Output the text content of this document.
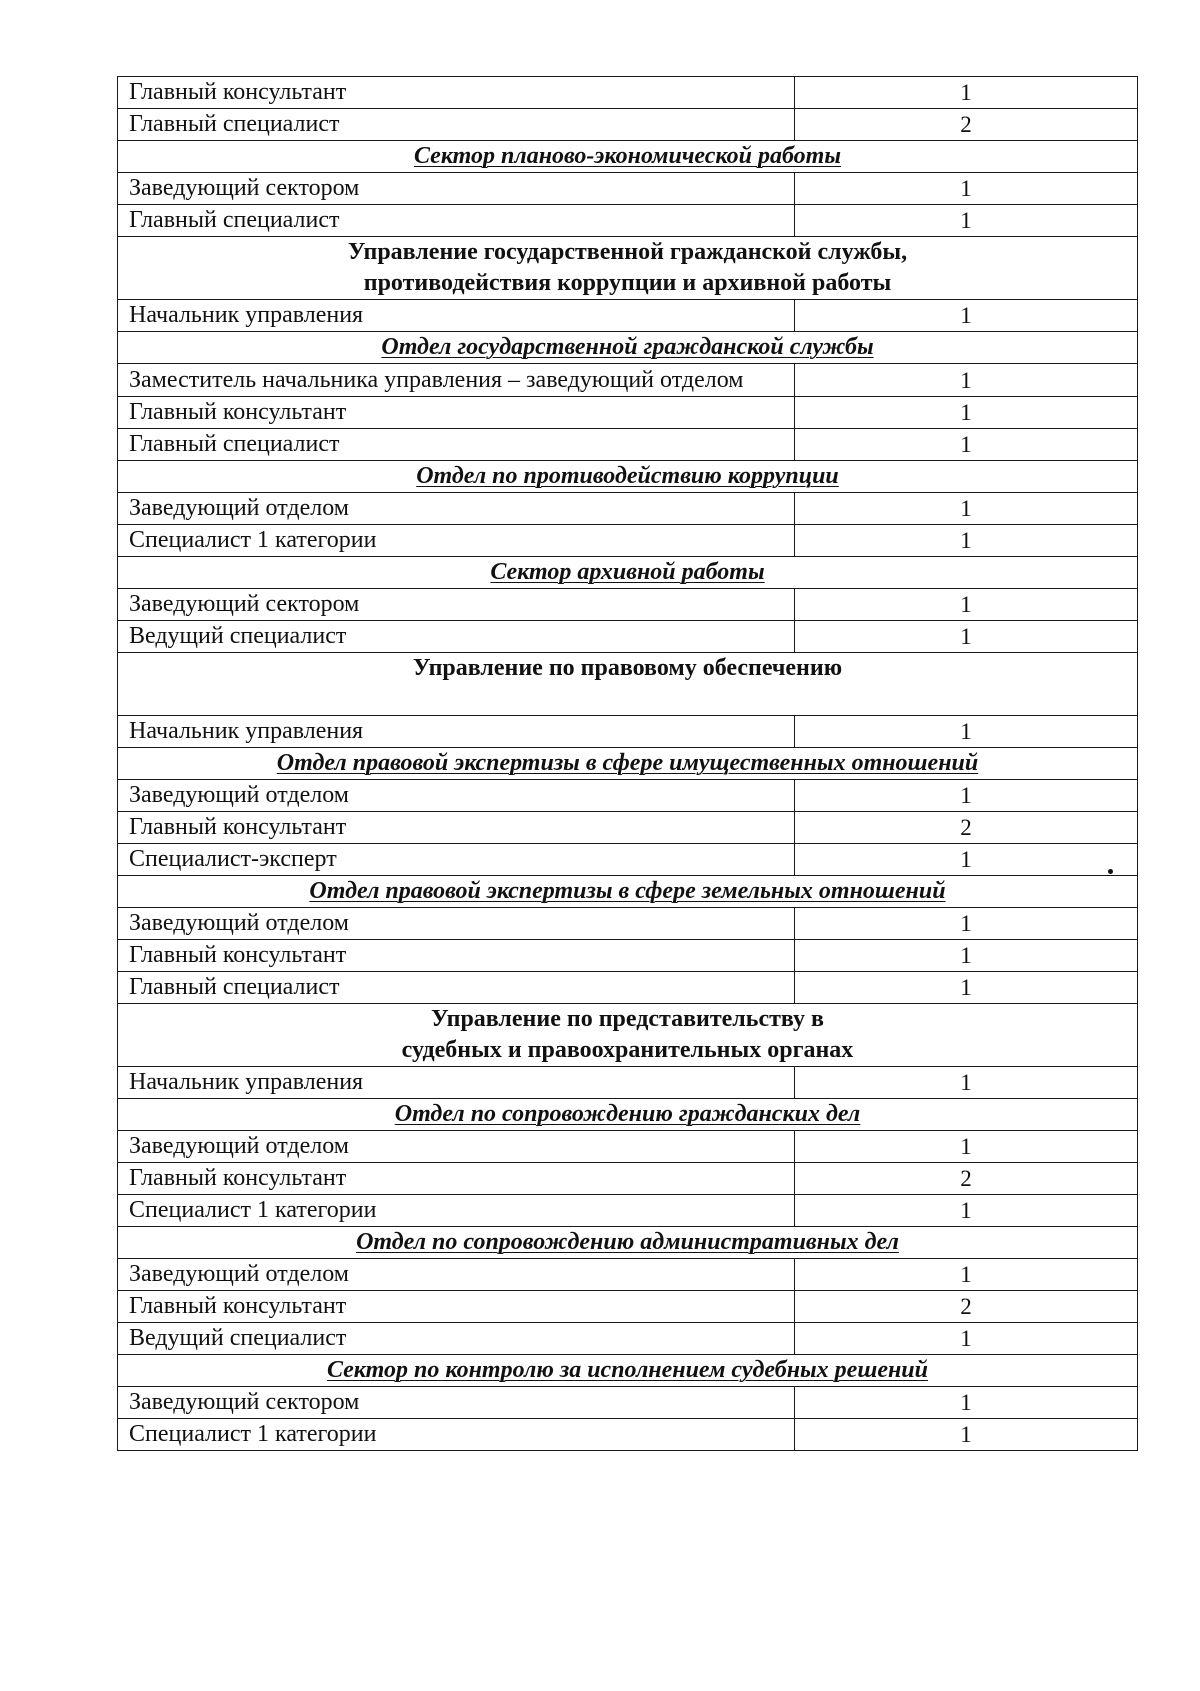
Главный консультант	1
Главный специалист	2
Сектор планово-экономической работы	
Заведующий сектором	1
Главный специалист	1
Управление государственной гражданской службы, противодействия коррупции и архивной работы	
Начальник управления	1
Отдел государственной гражданской службы	
Заместитель начальника управления – заведующий отделом	1
Главный консультант	1
Главный специалист	1
Отдел по противодействию коррупции	
Заведующий отделом	1
Специалист 1 категории	1
Сектор архивной работы	
Заведующий сектором	1
Ведущий специалист	1
Управление по правовому обеспечению	
Начальник управления	1
Отдел правовой экспертизы в сфере имущественных отношений	
Заведующий отделом	1
Главный консультант	2
Специалист-эксперт	1
Отдел правовой экспертизы в сфере земельных отношений	
Заведующий отделом	1
Главный консультант	1
Главный специалист	1
Управление по представительству в судебных и правоохранительных органах	
Начальник управления	1
Отдел по сопровождению гражданских дел	
Заведующий отделом	1
Главный консультант	2
Специалист 1 категории	1
Отдел по сопровождению административных дел	
Заведующий отделом	1
Главный консультант	2
Ведущий специалист	1
Сектор по контролю за исполнением судебных решений	
Заведующий сектором	1
Специалист 1 категории	1
